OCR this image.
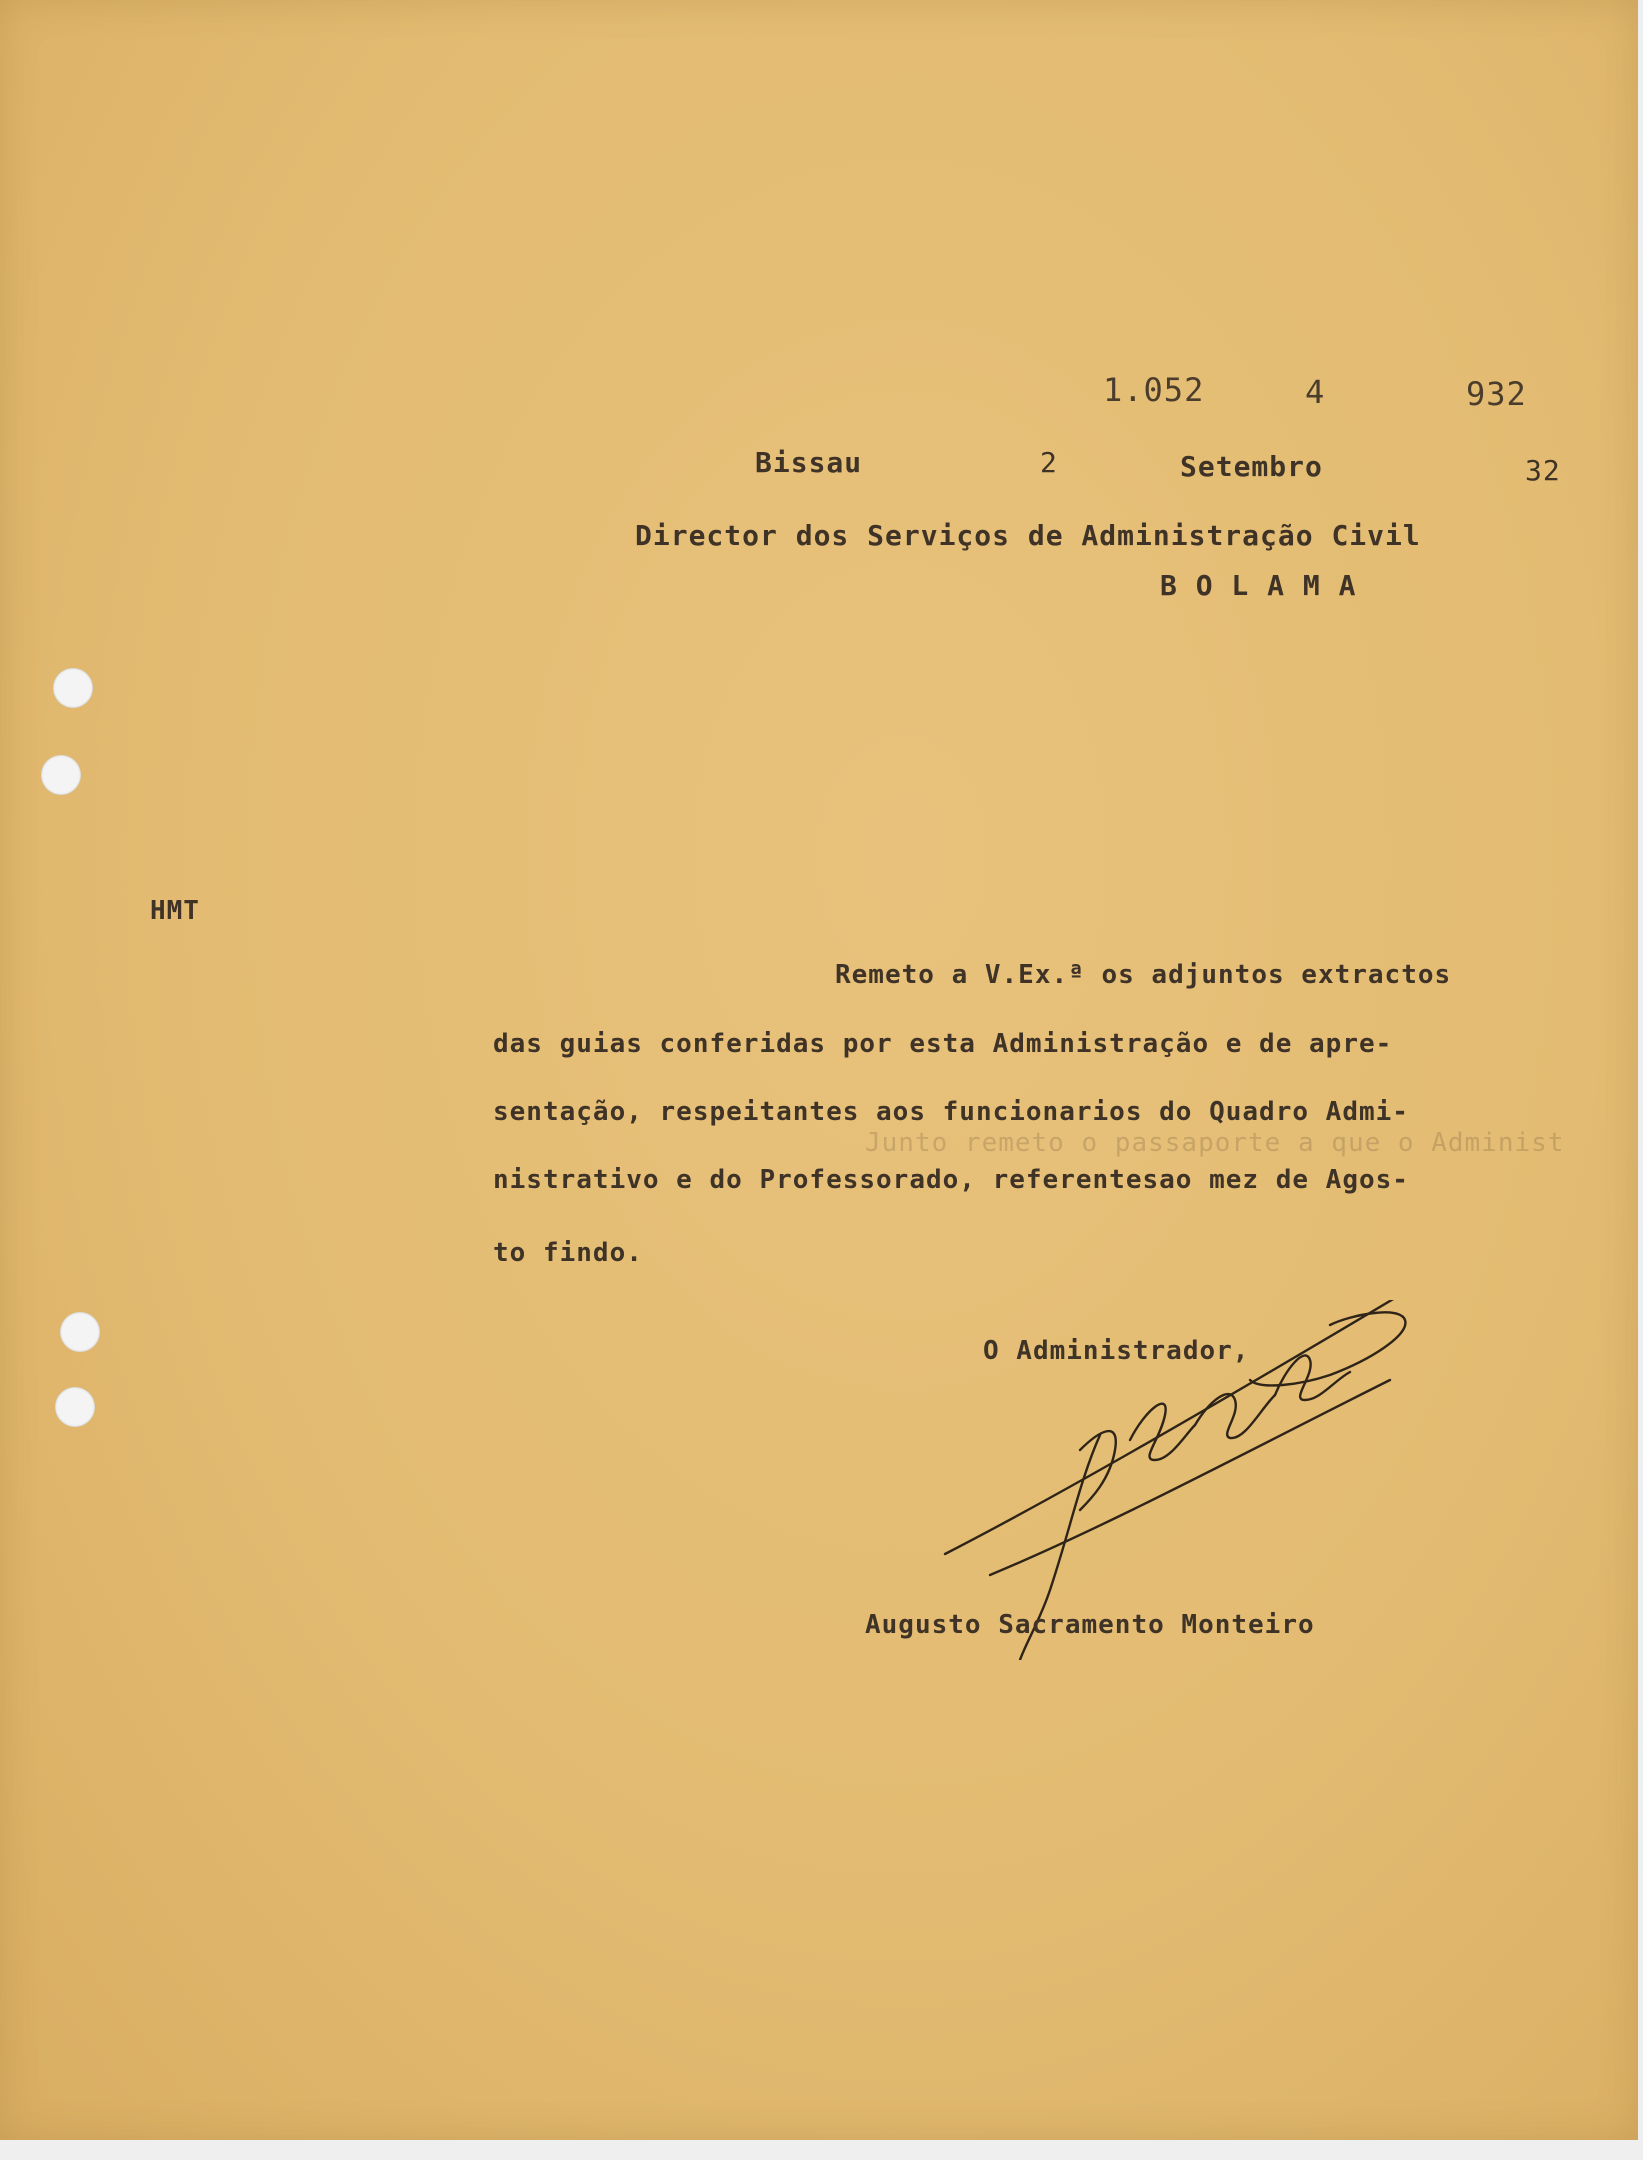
1.052	4	932

Bissau	2	Setembro	32

Director dos Serviços de Administração Civil

B O L A M A

HMT

Junto remeto o passaporte a que o Administ

Remeto a V.Ex.ª os adjuntos extractos

das guias conferidas por esta Administração e de apre-

sentação, respeitantes aos funcionarios do Quadro Admi-

nistrativo e do Professorado, referentesao mez de Agos-

to findo.

O Administrador,

Augusto Sacramento Monteiro
